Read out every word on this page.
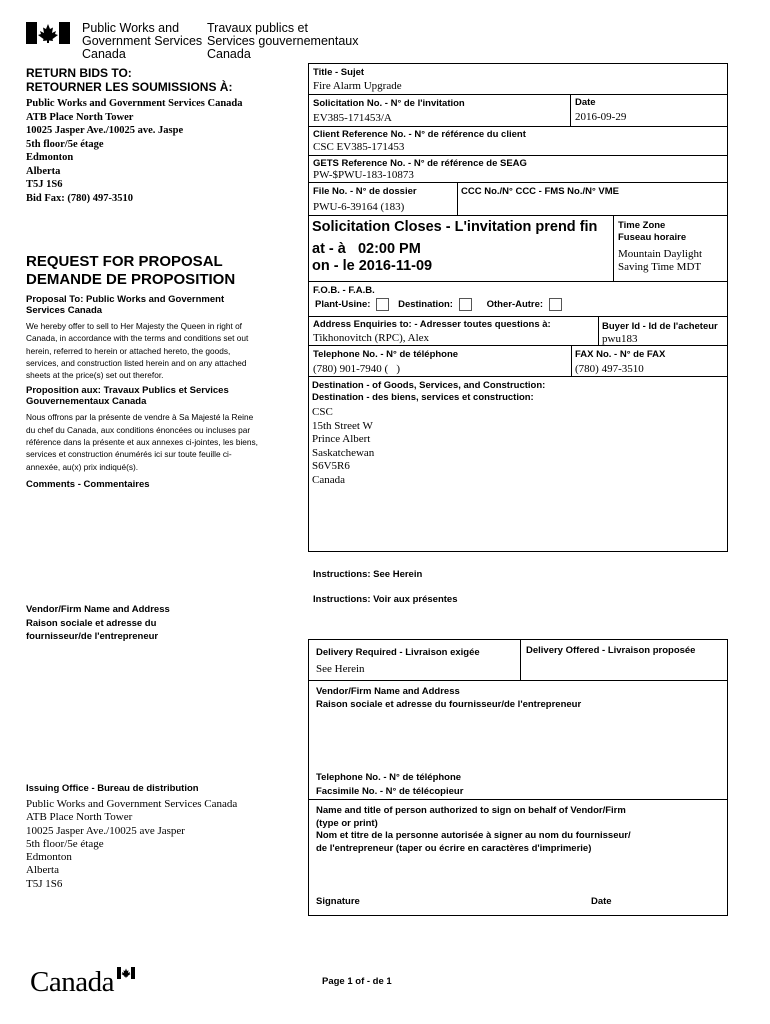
Public Works and
Government Services
Canada
Travaux publics et
Services gouvernementaux
Canada
RETURN BIDS TO:
RETOURNER LES SOUMISSIONS À:
Public Works and Government Services Canada
ATB Place North Tower
10025 Jasper Ave./10025 ave. Jaspe
5th floor/5e étage
Edmonton
Alberta
T5J 1S6
Bid Fax: (780) 497-3510
REQUEST FOR PROPOSAL
DEMANDE DE PROPOSITION
Proposal To: Public Works and Government Services Canada
We hereby offer to sell to Her Majesty the Queen in right of Canada, in accordance with the terms and conditions set out herein, referred to herein or attached hereto, the goods, services, and construction listed herein and on any attached sheets at the price(s) set out therefor.
Proposition aux: Travaux Publics et Services Gouvernementaux Canada
Nous offrons par la présente de vendre à Sa Majesté la Reine du chef du Canada, aux conditions énoncées ou incluses par référence dans la présente et aux annexes ci-jointes, les biens, services et construction énumérés ici sur toute feuille ci-annexée, au(x) prix indiqué(s).
Comments - Commentaires
Vendor/Firm Name and Address
Raison sociale et adresse du
fournisseur/de l'entrepreneur
Issuing Office - Bureau de distribution
Public Works and Government Services Canada
ATB Place North Tower
10025 Jasper Ave./10025 ave Jasper
5th floor/5e étage
Edmonton
Alberta
T5J 1S6
Title - Sujet
Fire Alarm Upgrade
Solicitation No. - N° de l'invitation
EV385-171453/A
Date
2016-09-29
Client Reference No. - N° de référence du client
CSC EV385-171453
GETS Reference No. - N° de référence de SEAG
PW-$PWU-183-10873
File No. - N° de dossier
PWU-6-39164 (183)
CCC No./N° CCC - FMS No./N° VME
Solicitation Closes - L'invitation prend fin
at - à 02:00 PM
on - le 2016-11-09
Time Zone
Fuseau horaire
Mountain Daylight
Saving Time MDT
F.O.B. - F.A.B.
Plant-Usine:	Destination:	Other-Autre:
Address Enquiries to: - Adresser toutes questions à:
Tikhonovitch (RPC), Alex
Buyer Id - Id de l'acheteur
pwu183
Telephone No. - N° de téléphone
(780) 901-7940 (   )
FAX No. - N° de FAX
(780) 497-3510
Destination - of Goods, Services, and Construction:
Destination - des biens, services et construction:
CSC
15th Street W
Prince Albert
Saskatchewan
S6V5R6
Canada
Instructions: See Herein
Instructions: Voir aux présentes
Delivery Required - Livraison exigée
See Herein
Delivery Offered - Livraison proposée
Vendor/Firm Name and Address
Raison sociale et adresse du fournisseur/de l'entrepreneur
Telephone No. - N° de téléphone
Facsimile No. - N° de télécopieur
Name and title of person authorized to sign on behalf of Vendor/Firm
(type or print)
Nom et titre de la personne autorisée à signer au nom du fournisseur/
de l'entrepreneur (taper ou écrire en caractères d'imprimerie)
Signature	Date
Canada	Page 1 of - de 1
